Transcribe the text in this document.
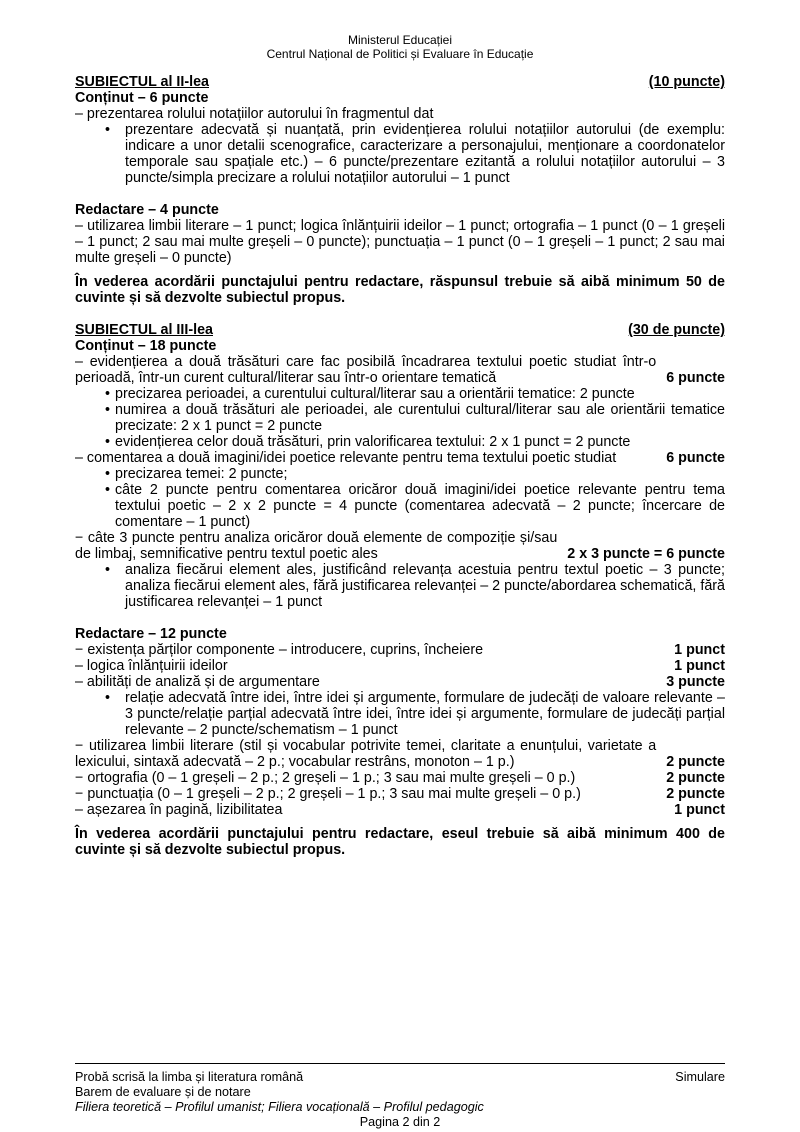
Ministerul Educației
Centrul Național de Politici și Evaluare în Educație
SUBIECTUL al II-lea	(10 puncte)
Conținut – 6 puncte
– prezentarea rolului notațiilor autorului în fragmentul dat
•	prezentare adecvată și nuanțată, prin evidențierea rolului notațiilor autorului (de exemplu: indicare a unor detalii scenografice, caracterizare a personajului, menționare a coordonatelor temporale sau spațiale etc.) – 6 puncte/prezentare ezitantă a rolului notațiilor autorului – 3 puncte/simpla precizare a rolului notațiilor autorului – 1 punct
Redactare – 4 puncte
– utilizarea limbii literare – 1 punct; logica înlănțuirii ideilor – 1 punct; ortografia – 1 punct (0 – 1 greșeli – 1 punct; 2 sau mai multe greșeli – 0 puncte); punctuația – 1 punct (0 – 1 greșeli – 1 punct; 2 sau mai multe greșeli – 0 puncte)
În vederea acordării punctajului pentru redactare, răspunsul trebuie să aibă minimum 50 de cuvinte și să dezvolte subiectul propus.
SUBIECTUL al III-lea	(30 de puncte)
Conținut – 18 puncte
– evidențierea a două trăsături care fac posibilă încadrarea textului poetic studiat într-o perioadă, într-un curent cultural/literar sau într-o orientare tematică	6 puncte
• precizarea perioadei, a curentului cultural/literar sau a orientării tematice: 2 puncte
• numirea a două trăsături ale perioadei, ale curentului cultural/literar sau ale orientării tematice precizate: 2 x 1 punct = 2 puncte
• evidențierea celor două trăsături, prin valorificarea textului: 2 x 1 punct = 2 puncte
– comentarea a două imagini/idei poetice relevante pentru tema textului poetic studiat	6 puncte
• precizarea temei: 2 puncte;
• câte 2 puncte pentru comentarea oricăror două imagini/idei poetice relevante pentru tema textului poetic – 2 x 2 puncte = 4 puncte (comentarea adecvată – 2 puncte; încercare de comentare – 1 punct)
− câte 3 puncte pentru analiza oricăror două elemente de compoziție și/sau de limbaj, semnificative pentru textul poetic ales	2 x 3 puncte = 6 puncte
•	analiza fiecărui element ales, justificând relevanța acestuia pentru textul poetic – 3 puncte; analiza fiecărui element ales, fără justificarea relevanței – 2 puncte/abordarea schematică, fără justificarea relevanței – 1 punct
Redactare – 12 puncte
− existența părților componente – introducere, cuprins, încheiere	1 punct
– logica înlănțuirii ideilor	1 punct
– abilități de analiză și de argumentare	3 puncte
•	relație adecvată între idei, între idei și argumente, formulare de judecăți de valoare relevante – 3 puncte/relație parțial adecvată între idei, între idei și argumente, formulare de judecăți parțial relevante – 2 puncte/schematism – 1 punct
− utilizarea limbii literare (stil și vocabular potrivite temei, claritate a enunțului, varietate a lexicului, sintaxă adecvată – 2 p.; vocabular restrâns, monoton – 1 p.)	2 puncte
− ortografia (0 – 1 greșeli – 2 p.; 2 greșeli – 1 p.; 3 sau mai multe greșeli – 0 p.)	2 puncte
− punctuația (0 – 1 greșeli – 2 p.; 2 greșeli – 1 p.; 3 sau mai multe greșeli – 0 p.)	2 puncte
– așezarea în pagină, lizibilitatea	1 punct
În vederea acordării punctajului pentru redactare, eseul trebuie să aibă minimum 400 de cuvinte și să dezvolte subiectul propus.
Probă scrisă la limba și literatura română	Simulare
Barem de evaluare și de notare
Filiera teoretică – Profilul umanist; Filiera vocațională – Profilul pedagogic
Pagina 2 din 2
